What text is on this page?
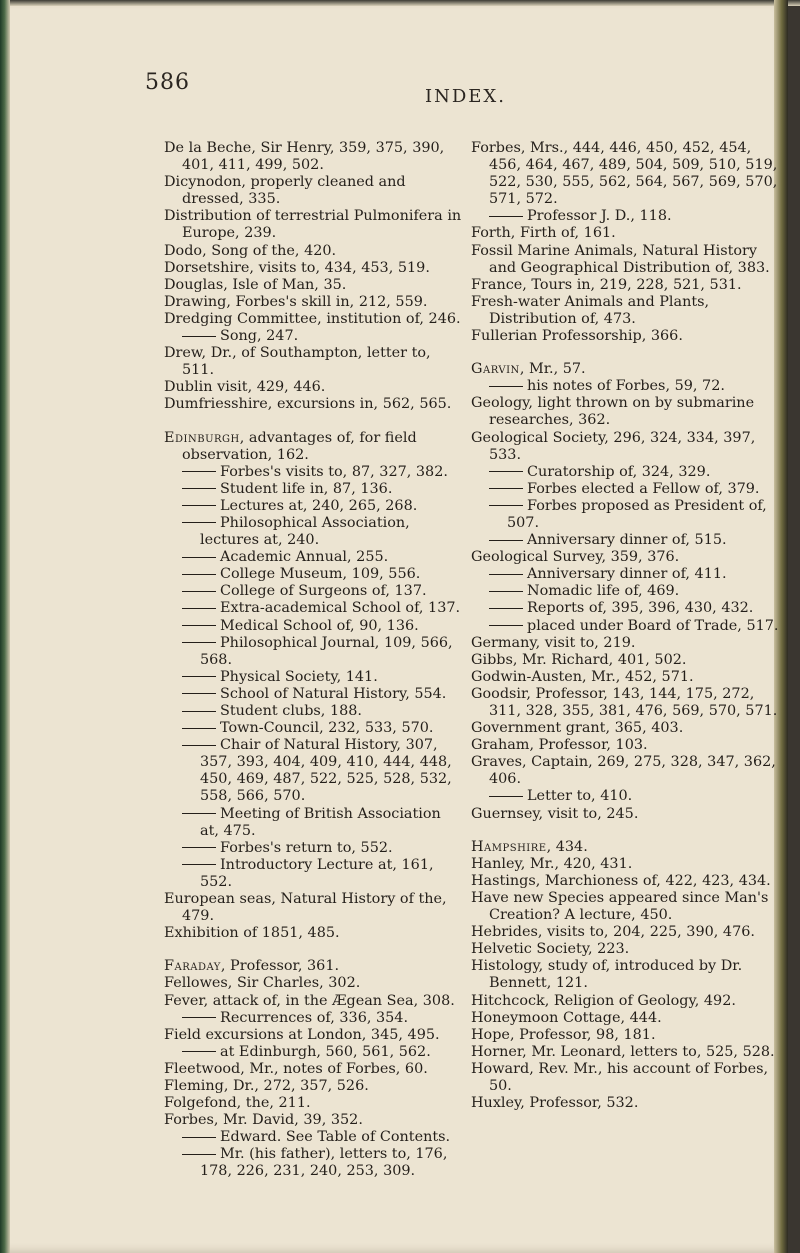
586
INDEX.

De la Beche, Sir Henry, 359, 375, 390, 401, 411, 499, 502.

Dicynodon, properly cleaned and dressed, 335.

Distribution of terrestrial Pulmonifera in Europe, 239.

Dodo, Song of the, 420.

Dorsetshire, visits to, 434, 453, 519.

Douglas, Isle of Man, 35.

Drawing, Forbes's skill in, 212, 559.

Dredging Committee, institution of, 246.

Song, 247.

Drew, Dr., of Southampton, letter to, 511.

Dublin visit, 429, 446.

Dumfriesshire, excursions in, 562, 565.

Edinburgh, advantages of, for field observation, 162.

Forbes's visits to, 87, 327, 382.

Student life in, 87, 136.

Lectures at, 240, 265, 268.

Philosophical Association, lectures at, 240.

Academic Annual, 255.

College Museum, 109, 556.

College of Surgeons of, 137.

Extra-academical School of, 137.

Medical School of, 90, 136.

Philosophical Journal, 109, 566, 568.

Physical Society, 141.

School of Natural History, 554.

Student clubs, 188.

Town-Council, 232, 533, 570.

Chair of Natural History, 307, 357, 393, 404, 409, 410, 444, 448, 450, 469, 487, 522, 525, 528, 532, 558, 566, 570.

Meeting of British Association at, 475.

Forbes's return to, 552.

Introductory Lecture at, 161, 552.

European seas, Natural History of the, 479.

Exhibition of 1851, 485.

Faraday, Professor, 361.

Fellowes, Sir Charles, 302.

Fever, attack of, in the Ægean Sea, 308.

Recurrences of, 336, 354.

Field excursions at London, 345, 495.

at Edinburgh, 560, 561, 562.

Fleetwood, Mr., notes of Forbes, 60.

Fleming, Dr., 272, 357, 526.

Folgefond, the, 211.

Forbes, Mr. David, 39, 352.

Edward. See Table of Contents.

Mr. (his father), letters to, 176, 178, 226, 231, 240, 253, 309.

Forbes, Mrs., 444, 446, 450, 452, 454, 456, 464, 467, 489, 504, 509, 510, 519, 522, 530, 555, 562, 564, 567, 569, 570, 571, 572.

Professor J. D., 118.

Forth, Firth of, 161.

Fossil Marine Animals, Natural History and Geographical Distribution of, 383.

France, Tours in, 219, 228, 521, 531.

Fresh-water Animals and Plants, Distribution of, 473.

Fullerian Professorship, 366.

Garvin, Mr., 57.

his notes of Forbes, 59, 72.

Geology, light thrown on by submarine researches, 362.

Geological Society, 296, 324, 334, 397, 533.

Curatorship of, 324, 329.

Forbes elected a Fellow of, 379.

Forbes proposed as President of, 507.

Anniversary dinner of, 515.

Geological Survey, 359, 376.

Anniversary dinner of, 411.

Nomadic life of, 469.

Reports of, 395, 396, 430, 432.

placed under Board of Trade, 517.

Germany, visit to, 219.

Gibbs, Mr. Richard, 401, 502.

Godwin-Austen, Mr., 452, 571.

Goodsir, Professor, 143, 144, 175, 272, 311, 328, 355, 381, 476, 569, 570, 571.

Government grant, 365, 403.

Graham, Professor, 103.

Graves, Captain, 269, 275, 328, 347, 362, 406.

Letter to, 410.

Guernsey, visit to, 245.

Hampshire, 434.

Hanley, Mr., 420, 431.

Hastings, Marchioness of, 422, 423, 434.

Have new Species appeared since Man's Creation? A lecture, 450.

Hebrides, visits to, 204, 225, 390, 476.

Helvetic Society, 223.

Histology, study of, introduced by Dr. Bennett, 121.

Hitchcock, Religion of Geology, 492.

Honeymoon Cottage, 444.

Hope, Professor, 98, 181.

Horner, Mr. Leonard, letters to, 525, 528.

Howard, Rev. Mr., his account of Forbes, 50.

Huxley, Professor, 532.
